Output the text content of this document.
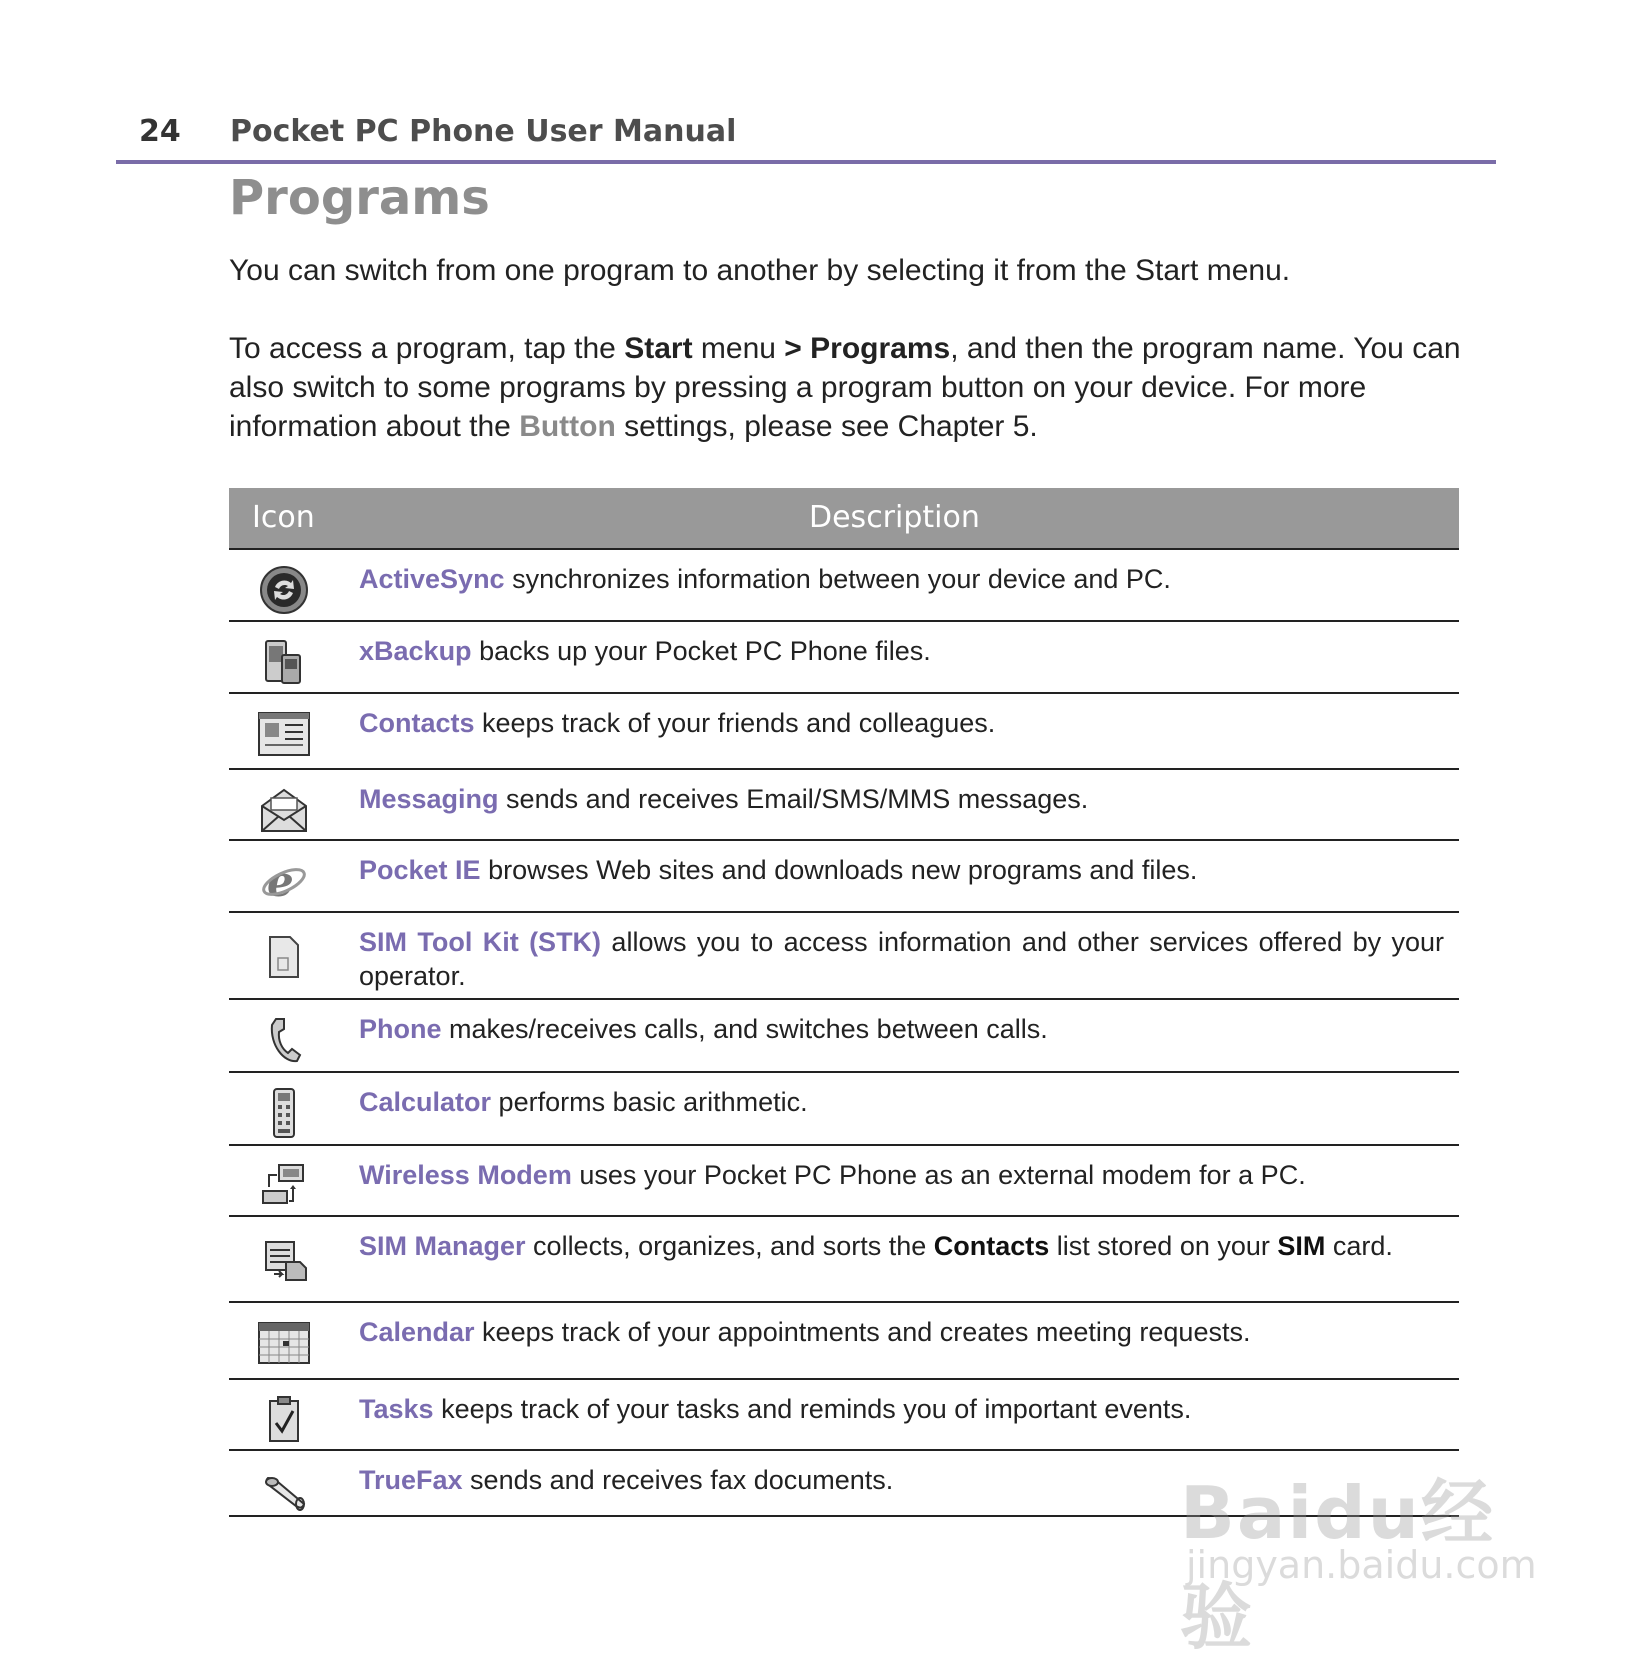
24 Pocket PC Phone User Manual
Programs
You can switch from one program to another by selecting it from the Start menu.
To access a program, tap the Start menu > Programs, and then the program name. You can also switch to some programs by pressing a program button on your device. For more information about the Button settings, please see Chapter 5.
Icon	Description
ActiveSync synchronizes information between your device and PC.
xBackup backs up your Pocket PC Phone files.
Contacts keeps track of your friends and colleagues.
Messaging sends and receives Email/SMS/MMS messages.
e Pocket IE browses Web sites and downloads new programs and files.
SIM Tool Kit (STK) allows you to access information and other services offered by your operator.
Phone makes/receives calls, and switches between calls.
Calculator performs basic arithmetic.
Wireless Modem uses your Pocket PC Phone as an external modem for a PC.
SIM Manager collects, organizes, and sorts the Contacts list stored on your SIM card.
Calendar keeps track of your appointments and creates meeting requests.
Tasks keeps track of your tasks and reminds you of important events.
TrueFax sends and receives fax documents.	Baidu经验
jingyan.baidu.com
